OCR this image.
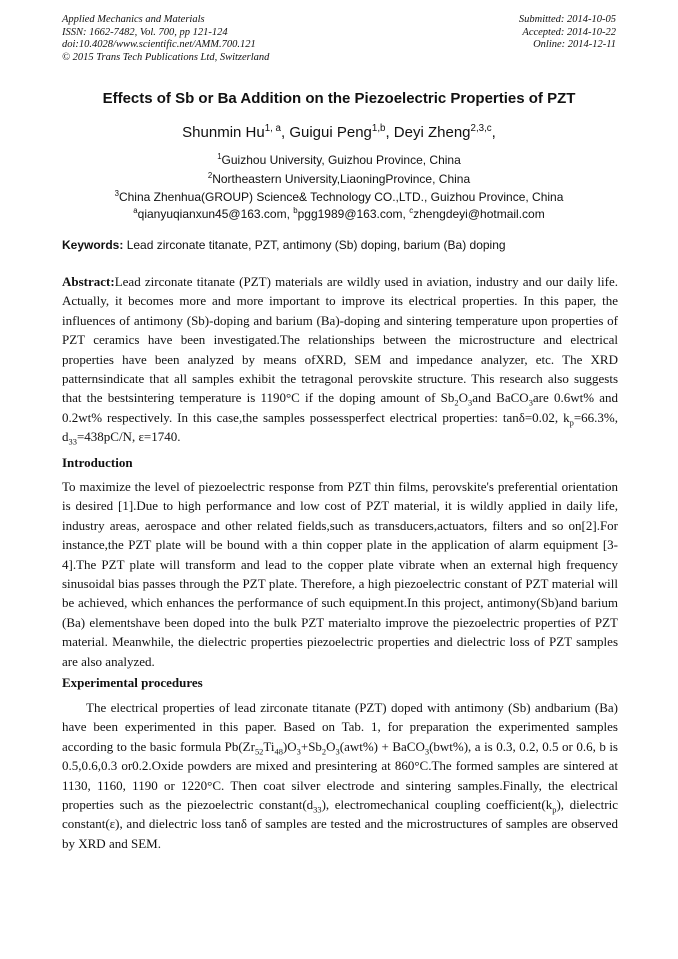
Applied Mechanics and Materials
ISSN: 1662-7482, Vol. 700, pp 121-124
doi:10.4028/www.scientific.net/AMM.700.121
© 2015 Trans Tech Publications Ltd, Switzerland
Submitted: 2014-10-05
Accepted: 2014-10-22
Online: 2014-12-11
Effects of Sb or Ba Addition on the Piezoelectric Properties of PZT
Shunmin Hu$^{1, a}$, Guigui Peng$^{1,b}$, Deyi Zheng$^{2,3,c}$,
$^1$Guizhou University, Guizhou Province, China
$^2$Northeastern University,LiaoningProvince, China
$^3$China Zhenhua(GROUP) Science& Technology CO.,LTD., Guizhou Province, China
$^a$qianyuqianxun45@163.com, $^b$pgg1989@163.com, $^c$zhengdeyi@hotmail.com
Keywords: Lead zirconate titanate, PZT, antimony (Sb) doping, barium (Ba) doping
Abstract:Lead zirconate titanate (PZT) materials are wildly used in aviation, industry and our daily life. Actually, it becomes more and more important to improve its electrical properties. In this paper, the influences of antimony (Sb)-doping and barium (Ba)-doping and sintering temperature upon properties of PZT ceramics have been investigated.The relationships between the microstructure and electrical properties have been analyzed by means ofXRD, SEM and impedance analyzer, etc. The XRD patternsindicate that all samples exhibit the tetragonal perovskite structure. This research also suggests that the bestsintering temperature is 1190°C if the doping amount of $Sb_2O_3and$ BaCO$_3$are 0.6wt% and 0.2wt% respectively. In this case,the samples possessperfect electrical properties: tanδ=0.02, $k_p=66.3\%$, $d_{33}=438pC/N$, ε=1740.
Introduction
To maximize the level of piezoelectric response from PZT thin films, perovskite's preferential orientation is desired [1].Due to high performance and low cost of PZT material, it is wildly applied in daily life, industry areas, aerospace and other related fields,such as transducers,actuators, filters and so on[2].For instance,the PZT plate will be bound with a thin copper plate in the application of alarm equipment [3-4].The PZT plate will transform and lead to the copper plate vibrate when an external high frequency sinusoidal bias passes through the PZT plate. Therefore, a high piezoelectric constant of PZT material will be achieved, which enhances the performance of such equipment.In this project, antimony(Sb)and barium (Ba) elementshave been doped into the bulk PZT materialto improve the piezoelectric properties of PZT material. Meanwhile, the dielectric properties piezoelectric properties and dielectric loss of PZT samples are also analyzed.
Experimental procedures
The electrical properties of lead zirconate titanate (PZT) doped with antimony (Sb) andbarium (Ba) have been experimented in this paper. Based on Tab. 1, for preparation the experimented samples according to the basic formula $Pb(Zr_{52}Ti_{48})O_3+Sb_2O_3(awt\%)$ + BaCO$_3$(bwt%), a is 0.3, 0.2, 0.5 or 0.6, b is 0.5,0.6,0.3 or0.2.Oxide powders are mixed and presintering at 860°C.The formed samples are sintered at 1130, 1160, 1190 or 1220°C. Then coat silver electrode and sintering samples.Finally, the electrical properties such as the piezoelectric $constant(d_{33})$, electromechanical coupling $coefficient(k_p)$, dielectric constant(ε), and dielectric loss tanδ of samples are tested and the microstructures of samples are observed by XRD and SEM.
